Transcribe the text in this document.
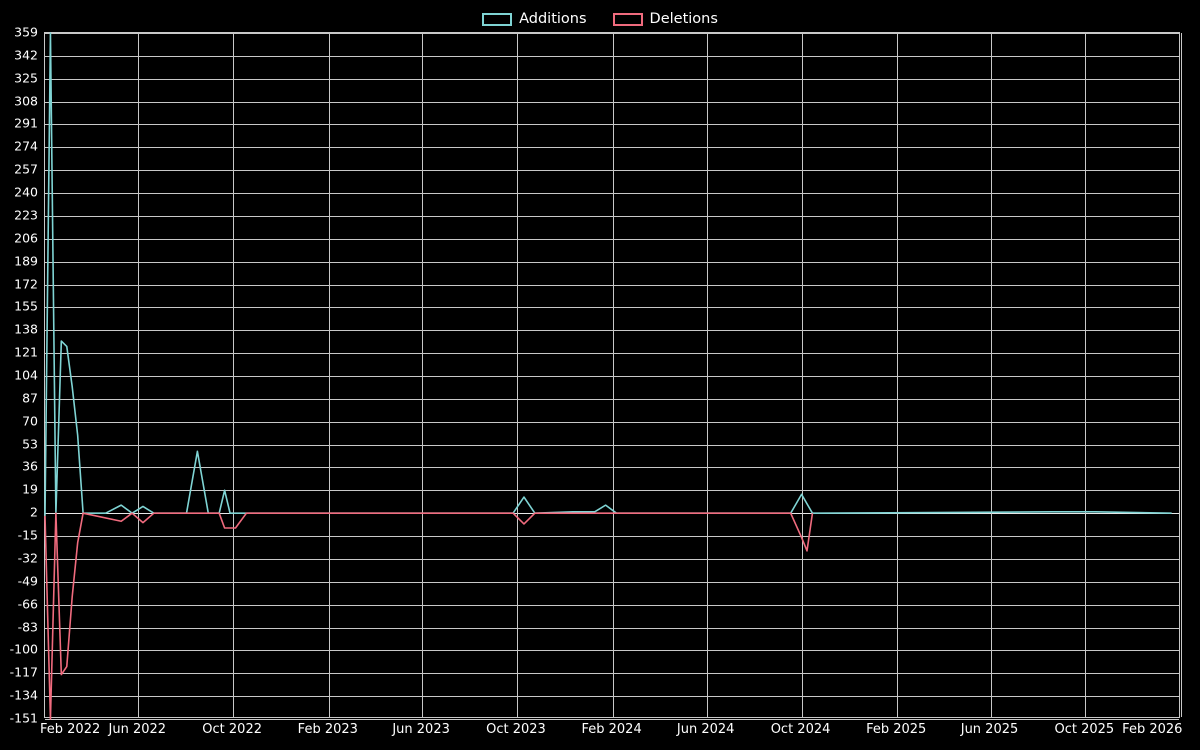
Additions	Deletions
359
342
325
308
291
274
257
240
223
206
189
172
155
138
121
104
87
70
53
36
19
2
-15
-32
-49
-66
-83
-100
-117
-134
-151
Feb 2022 Jun 2022	Oct 2022	Feb 2023	Jun 2023	Oct 2023	Feb 2024	Jun 2024	Oct 2024	Feb 2025	Jun 2025	Oct 2025 Feb 2026
